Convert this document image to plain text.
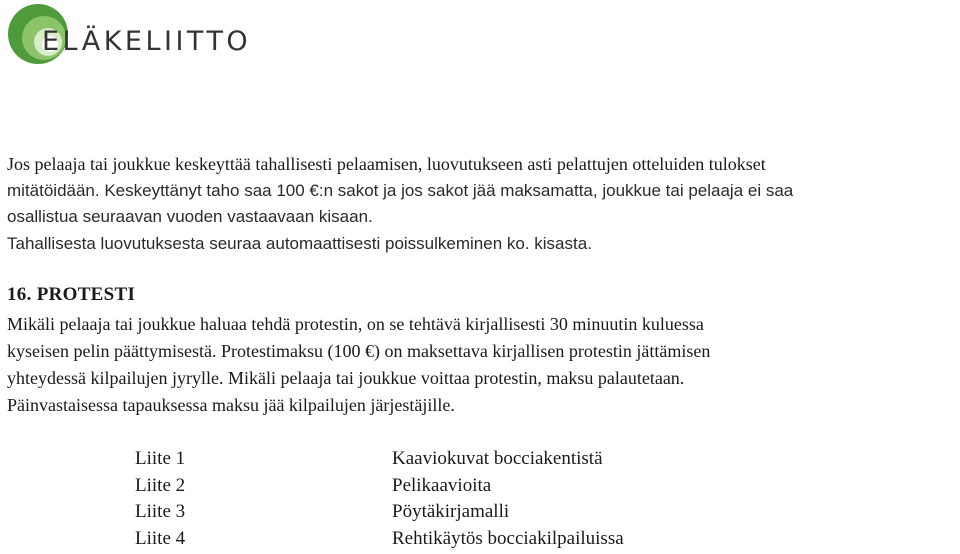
ELÄKELIITTO

Jos pelaaja tai joukkue keskeyttää tahallisesti pelaamisen, luovutukseen asti pelattujen otteluiden tulokset
mitätöidään. Keskeyttänyt taho saa 100 €:n sakot ja jos sakot jää maksamatta, joukkue tai pelaaja ei saa
osallistua seuraavan vuoden vastaavaan kisaan.
Tahallisesta luovutuksesta seuraa automaattisesti poissulkeminen ko. kisasta.

16. PROTESTI
Mikäli pelaaja tai joukkue haluaa tehdä protestin, on se tehtävä kirjallisesti 30 minuutin kuluessa
kyseisen pelin päättymisestä. Protestimaksu (100 €) on maksettava kirjallisen protestin jättämisen
yhteydessä kilpailujen jyrylle. Mikäli pelaaja tai joukkue voittaa protestin, maksu palautetaan.
Päinvastaisessa tapauksessa maksu jää kilpailujen järjestäjille.
Liite 1	Kaaviokuvat bocciakentistä
Liite 2	Pelikaavioita
Liite 3	Pöytäkirjamalli
Liite 4	Rehtikäytös bocciakilpailuissa
